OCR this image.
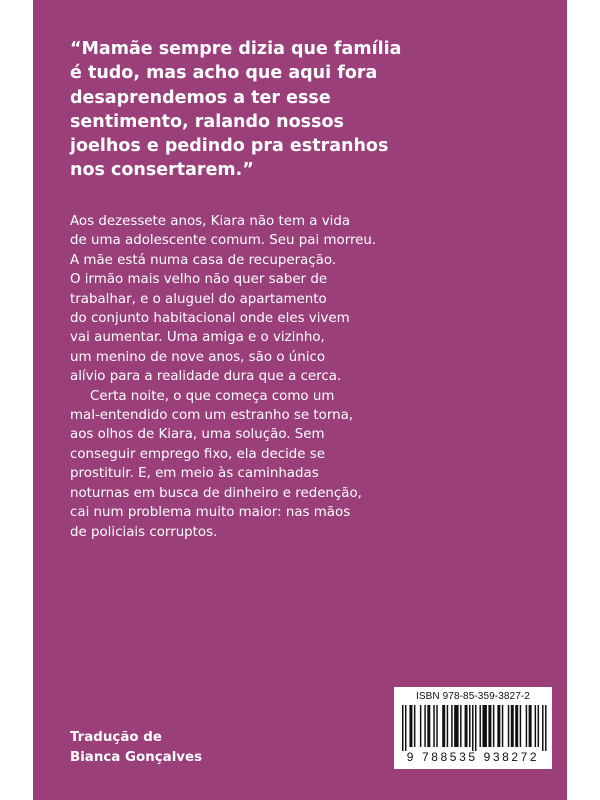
“Mamãe sempre dizia que família
é tudo, mas acho que aqui fora
desaprendemos a ter esse
sentimento, ralando nossos
joelhos e pedindo pra estranhos
nos consertarem.”
Aos dezessete anos, Kiara não tem a vida
de uma adolescente comum. Seu pai morreu.
A mãe está numa casa de recuperação.
O irmão mais velho não quer saber de
trabalhar, e o aluguel do apartamento
do conjunto habitacional onde eles vivem
vai aumentar. Uma amiga e o vizinho,
um menino de nove anos, são o único
alívio para a realidade dura que a cerca.
Certa noite, o que começa como um
mal-entendido com um estranho se torna,
aos olhos de Kiara, uma solução. Sem
conseguir emprego fixo, ela decide se
prostituir. E, em meio às caminhadas
noturnas em busca de dinheiro e redenção,
cai num problema muito maior: nas mãos
de policiais corruptos.
Tradução de
Bianca Gonçalves
ISBN 978-85-359-3827-2
9 788535 938272
